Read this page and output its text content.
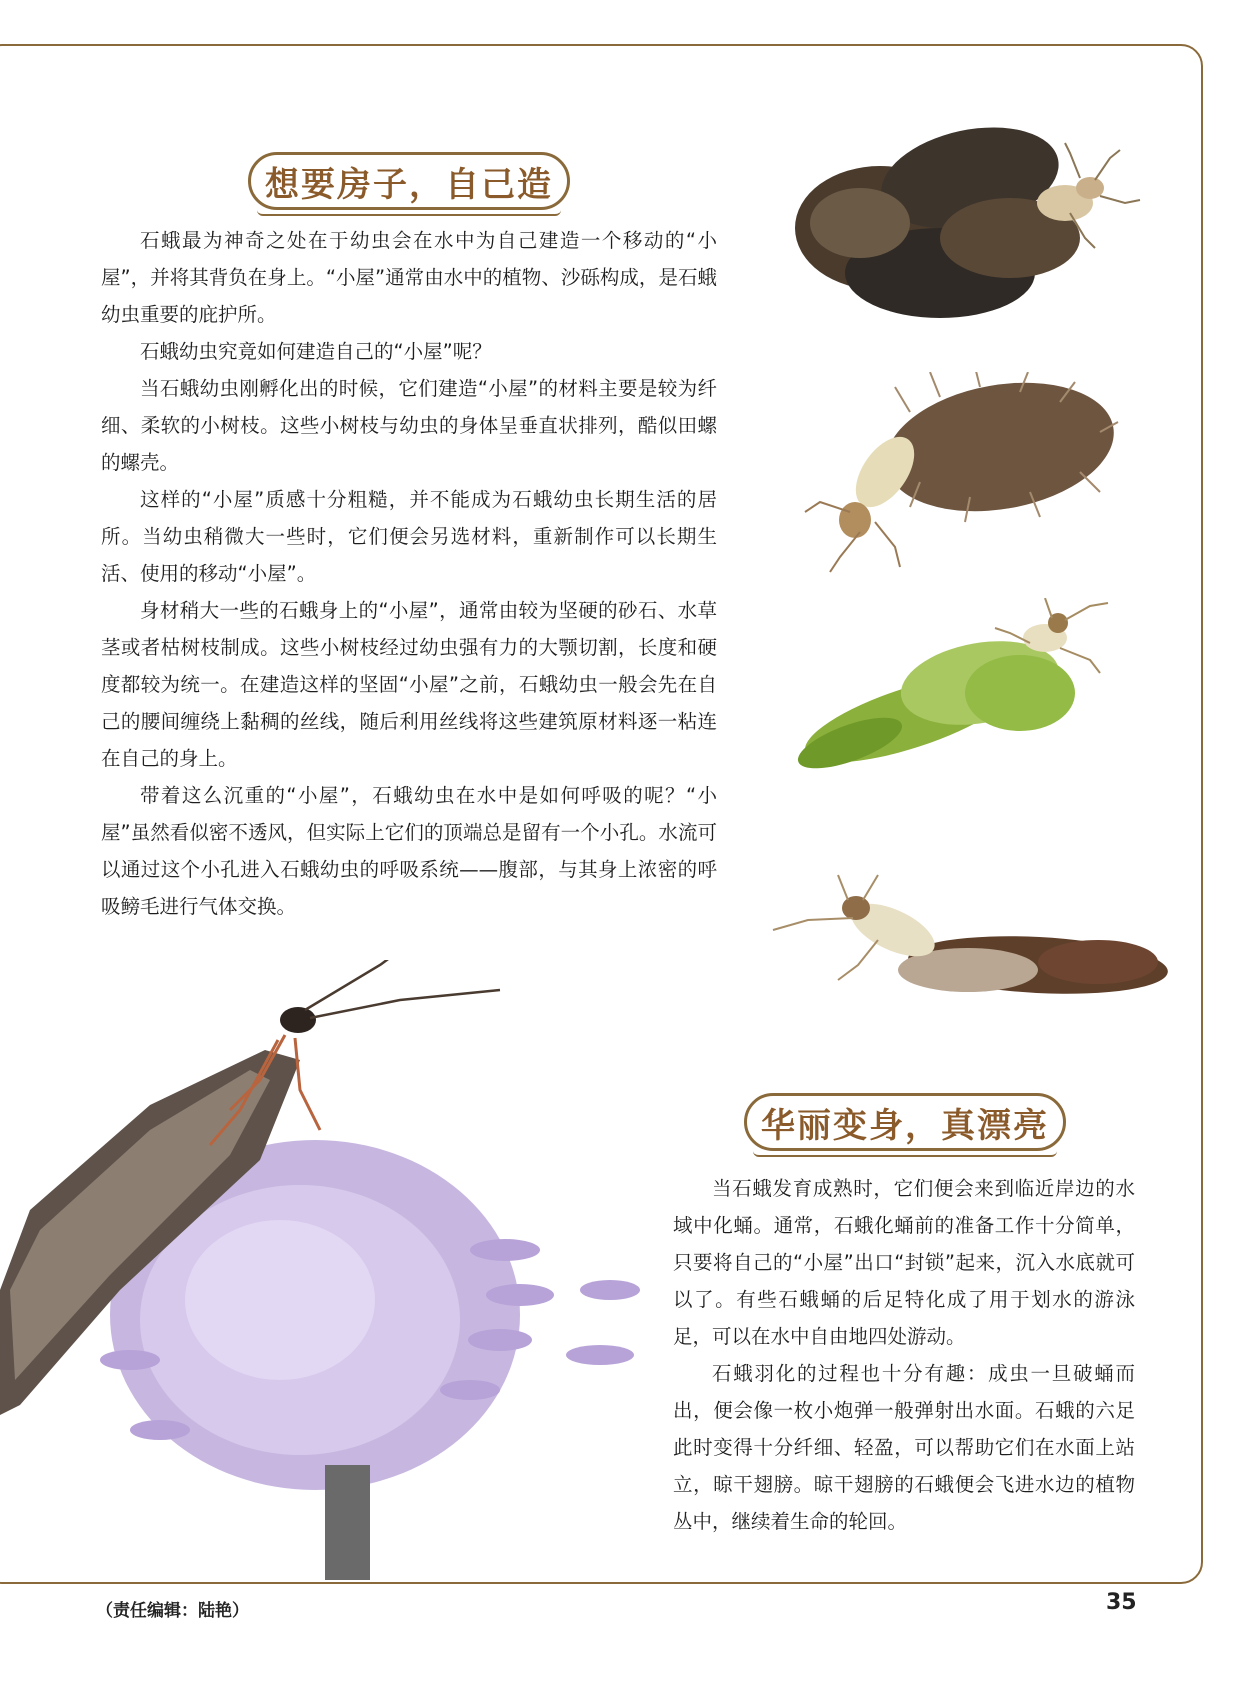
想要房子，自己造

石蛾最为神奇之处在于幼虫会在水中为自己建造一个移动的“小屋”，并将其背负在身上。“小屋”通常由水中的植物、沙砾构成，是石蛾幼虫重要的庇护所。

石蛾幼虫究竟如何建造自己的“小屋”呢？

当石蛾幼虫刚孵化出的时候，它们建造“小屋”的材料主要是较为纤细、柔软的小树枝。这些小树枝与幼虫的身体呈垂直状排列，酷似田螺的螺壳。

这样的“小屋”质感十分粗糙，并不能成为石蛾幼虫长期生活的居所。当幼虫稍微大一些时，它们便会另选材料，重新制作可以长期生活、使用的移动“小屋”。

身材稍大一些的石蛾身上的“小屋”，通常由较为坚硬的砂石、水草茎或者枯树枝制成。这些小树枝经过幼虫强有力的大颚切割，长度和硬度都较为统一。在建造这样的坚固“小屋”之前，石蛾幼虫一般会先在自己的腰间缠绕上黏稠的丝线，随后利用丝线将这些建筑原材料逐一粘连在自己的身上。

带着这么沉重的“小屋”，石蛾幼虫在水中是如何呼吸的呢？“小屋”虽然看似密不透风，但实际上它们的顶端总是留有一个小孔。水流可以通过这个小孔进入石蛾幼虫的呼吸系统——腹部，与其身上浓密的呼吸鳑毛进行气体交换。

华丽变身，真漂亮

当石蛾发育成熟时，它们便会来到临近岸边的水域中化蛹。通常，石蛾化蛹前的准备工作十分简单，只要将自己的“小屋”出口“封锁”起来，沉入水底就可以了。有些石蛾蛹的后足特化成了用于划水的游泳足，可以在水中自由地四处游动。

石蛾羽化的过程也十分有趣：成虫一旦破蛹而出，便会像一枚小炮弹一般弹射出水面。石蛾的六足此时变得十分纤细、轻盈，可以帮助它们在水面上站立，晾干翅膀。晾干翅膀的石蛾便会飞进水边的植物丛中，继续着生命的轮回。

（责任编辑：陆艳）	35
